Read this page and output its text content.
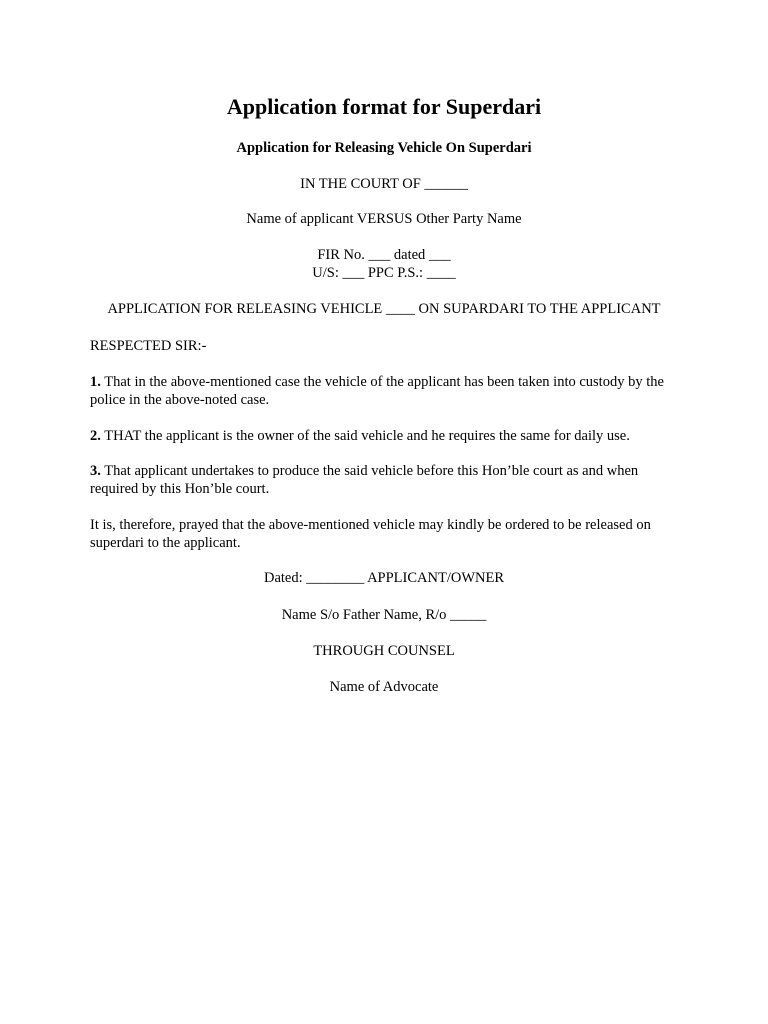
Application format for Superdari

Application for Releasing Vehicle On Superdari

IN THE COURT OF ______

Name of applicant VERSUS Other Party Name

FIR No. ___ dated ___

U/S: ___ PPC P.S.: ____

APPLICATION FOR RELEASING VEHICLE ____ ON SUPARDARI TO THE APPLICANT

RESPECTED SIR:-

1. That in the above-mentioned case the vehicle of the applicant has been taken into custody by the police in the above-noted case.

2. THAT the applicant is the owner of the said vehicle and he requires the same for daily use.

3. That applicant undertakes to produce the said vehicle before this Hon’ble court as and when required by this Hon’ble court.

It is, therefore, prayed that the above-mentioned vehicle may kindly be ordered to be released on superdari to the applicant.

Dated: ________ APPLICANT/OWNER

Name S/o Father Name, R/o _____

THROUGH COUNSEL

Name of Advocate
